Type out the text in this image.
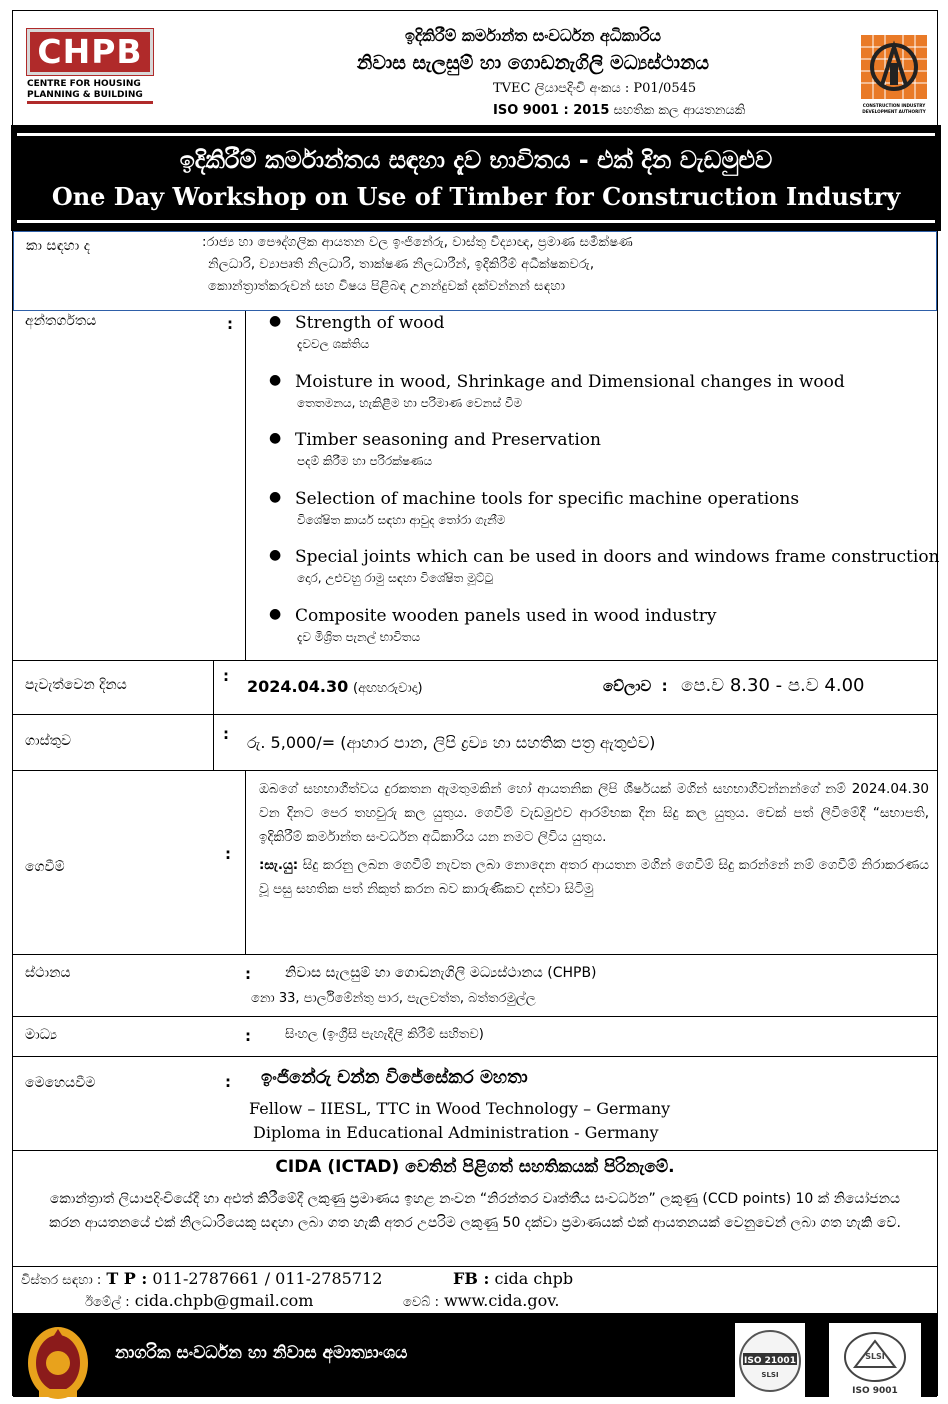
CHPB
CENTRE FOR HOUSING
PLANNING & BUILDING
ඉදිකිරීම් කර්මාන්ත සංවර්ධන අධිකාරිය
නිවාස සැලසුම් හා ගොඩනැගිලි මධ්‍යස්ථානය
TVEC ලියාපදිංචි අංකය : P01/0545
ISO 9001 : 2015 සහතික කල ආයතනයකි	CONSTRUCTION INDUSTRY
DEVELOPMENT AUTHORITY
ඉදිකිරීම් කර්මාන්තය සඳහා දැව භාවිතය - එක් දින වැඩමුළුව
One Day Workshop on Use of Timber for Construction Industry
කා සඳහා ද	:රාජ්‍ය හා පෞද්ගලික ආයතන වල ඉංජිනේරු, වාස්තු විද්‍යාඥ, ප්‍රමාණ සමීක්ෂණ
නිලධාරි, ව්‍යාපෘති නිලධාරි, තාක්ෂණ නිලධාරීන්, ඉදිකිරීම් අධීක්ෂකවරු,
කොන්ත්‍රාත්කරුවන් සහ විෂය පිළිබඳ උනන්දුවක් දක්වන්නන් සඳහා
අන්තර්ගතය	:	● Strength of wood
දැවවල ශක්තිය
● Moisture in wood, Shrinkage and Dimensional changes in wood
තෙතමනය, හැකිළීම හා පරිමාණ වෙනස් වීම
● Timber seasoning and Preservation
පදම් කිරීම හා පරිරක්ෂණය
● Selection of machine tools for specific machine operations
විශේෂිත කාර්ය සඳහා ආවුද තෝරා ගැනීම
● Special joints which can be used in doors and windows frame construction
දොර, උළුවහු රාමු සඳහා විශේෂිත මූට්ටු
● Composite wooden panels used in wood industry
දැව මිශ්‍රිත පැනල් භාවිතය
පැවැත්වෙන දිනය	:
2024.04.30 (අඟහරුවාදා)	වේලාව : පෙ.ව 8.30 - ප.ව 4.00
ගාස්තුව	: රු. 5,000/= (ආහාර පාන, ලිපි ද්‍රව්‍ය හා සහතික පත්‍ර ඇතුළුව)
ගෙවීම්
:
ඔබගේ සහභාගීත්වය දුරකතන ඇමතුමකින් හෝ ආයතනික ලිපි ශීර්ෂයක් මගින් සහභාගීවන්නන්ගේ නම් 2024.04.30 වන දිනට පෙර තහවුරු කල යුතුය. ගෙවීම් වැඩමුළුව ආරම්භක දින සිදු කල යුතුය. චෙක් පත් ලිවීමේදී “සභාපති, ඉදිකිරීම් කර්මාන්ත සංවර්ධන අධිකාරිය යන නමට ලිවිය යුතුය.
:සැ.යු: සිදු කරනු ලබන ගෙවීම් නැවත ලබා නොදෙන අතර ආයතන මගින් ගෙවීම් සිදු කරන්නේ නම් ගෙවීම් නිරාකරණය වූ පසු සහතික පත් නිකුත් කරන බව කාරුණිකව දන්වා සිටිමු
ස්ථානය	: නිවාස සැලසුම් හා ගොඩනැගිලි මධ්‍යස්ථානය (CHPB)
නො 33, පාර්ලිමේන්තු පාර, පැලවත්ත, බත්තරමුල්ල
මාධ්‍ය	:	සිංහල (ඉංග්‍රීසි පැහැදිලි කිරීම් සහිතව)
මෙහෙයවීම	: ඉංජිනේරු චන්න විජේසේකර මහතා
Fellow – IIESL, TTC in Wood Technology – Germany
Diploma in Educational Administration - Germany
CIDA (ICTAD) වෙතින් පිළිගත් සහතිකයක් පිරිනැමේ.
කොන්ත්‍රාත් ලියාපදිංචියේදී හා අළුත් කිරීමේදී ලකුණු ප්‍රමාණය ඉහළ නංවන “නිරන්තර වෘත්තීය සංවර්ධන” ලකුණු (CCD points) 10 ක් නියෝජනය කරන ආයතනයේ එක් නිලධාරියෙකු සඳහා ලබා ගත හැකි අතර උපරිම ලකුණු 50 දක්වා ප්‍රමාණයක් එක් ආයතනයක් වෙනුවෙන් ලබා ගත හැකි වේ.
විස්තර සඳහා : T P : 011-2787661 / 011-2785712	FB : cida chpb
ඊමේල් : cida.chpb@gmail.com	වෙබ් : www.cida.gov.
නාගරික සංවර්ධන හා නිවාස අමාත්‍යාංශය	ISO 21001
SLSI
SLSI
ISO 9001
